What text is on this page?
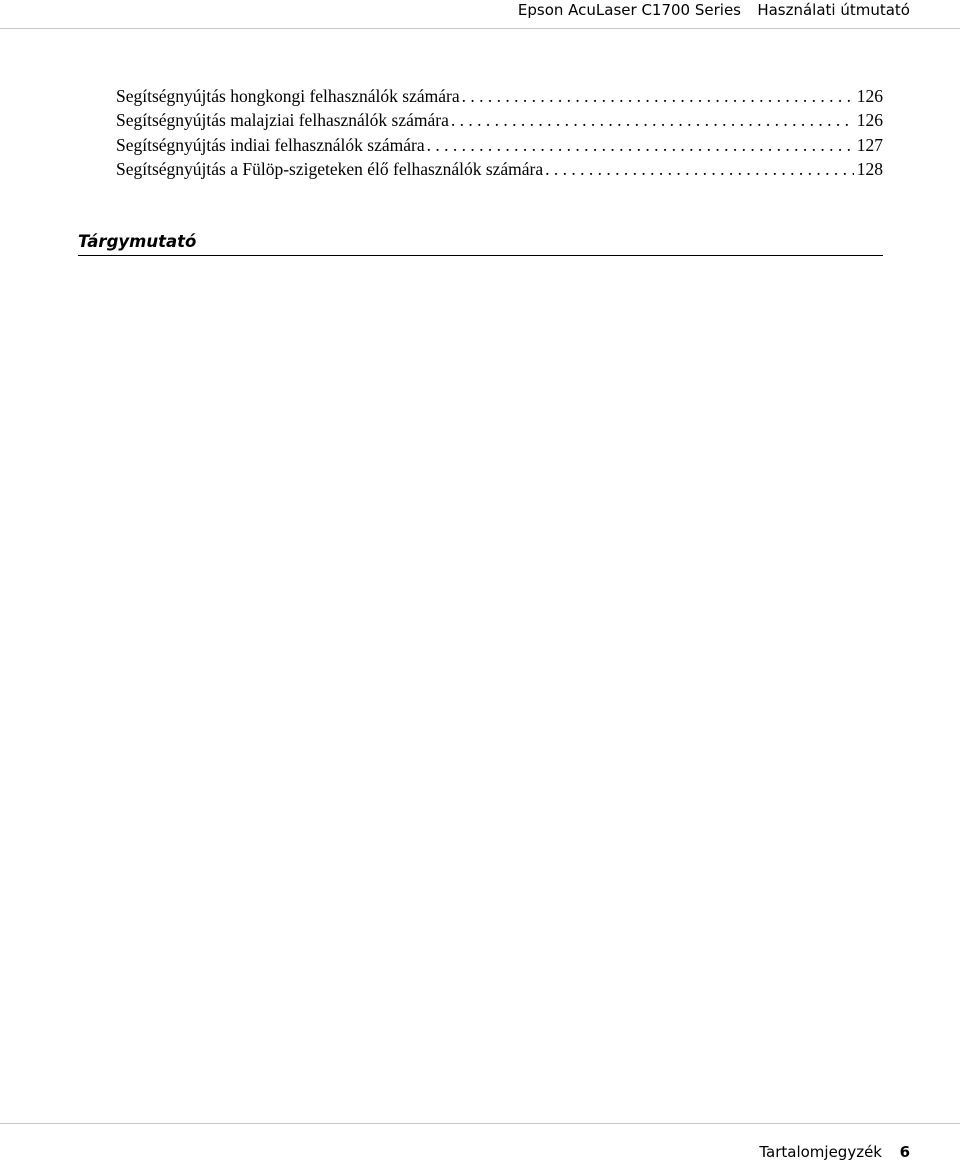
Epson AcuLaser C1700 Series Használati útmutató
Segítségnyújtás hongkongi felhasználók számára . . .	126
Segítségnyújtás malajziai felhasználók számára . . .	126
Segítségnyújtás indiai felhasználók számára . . .	127
Segítségnyújtás a Fülöp-szigeteken élő felhasználók számára . . .	128
Tárgymutató
Tartalomjegyzék 6
